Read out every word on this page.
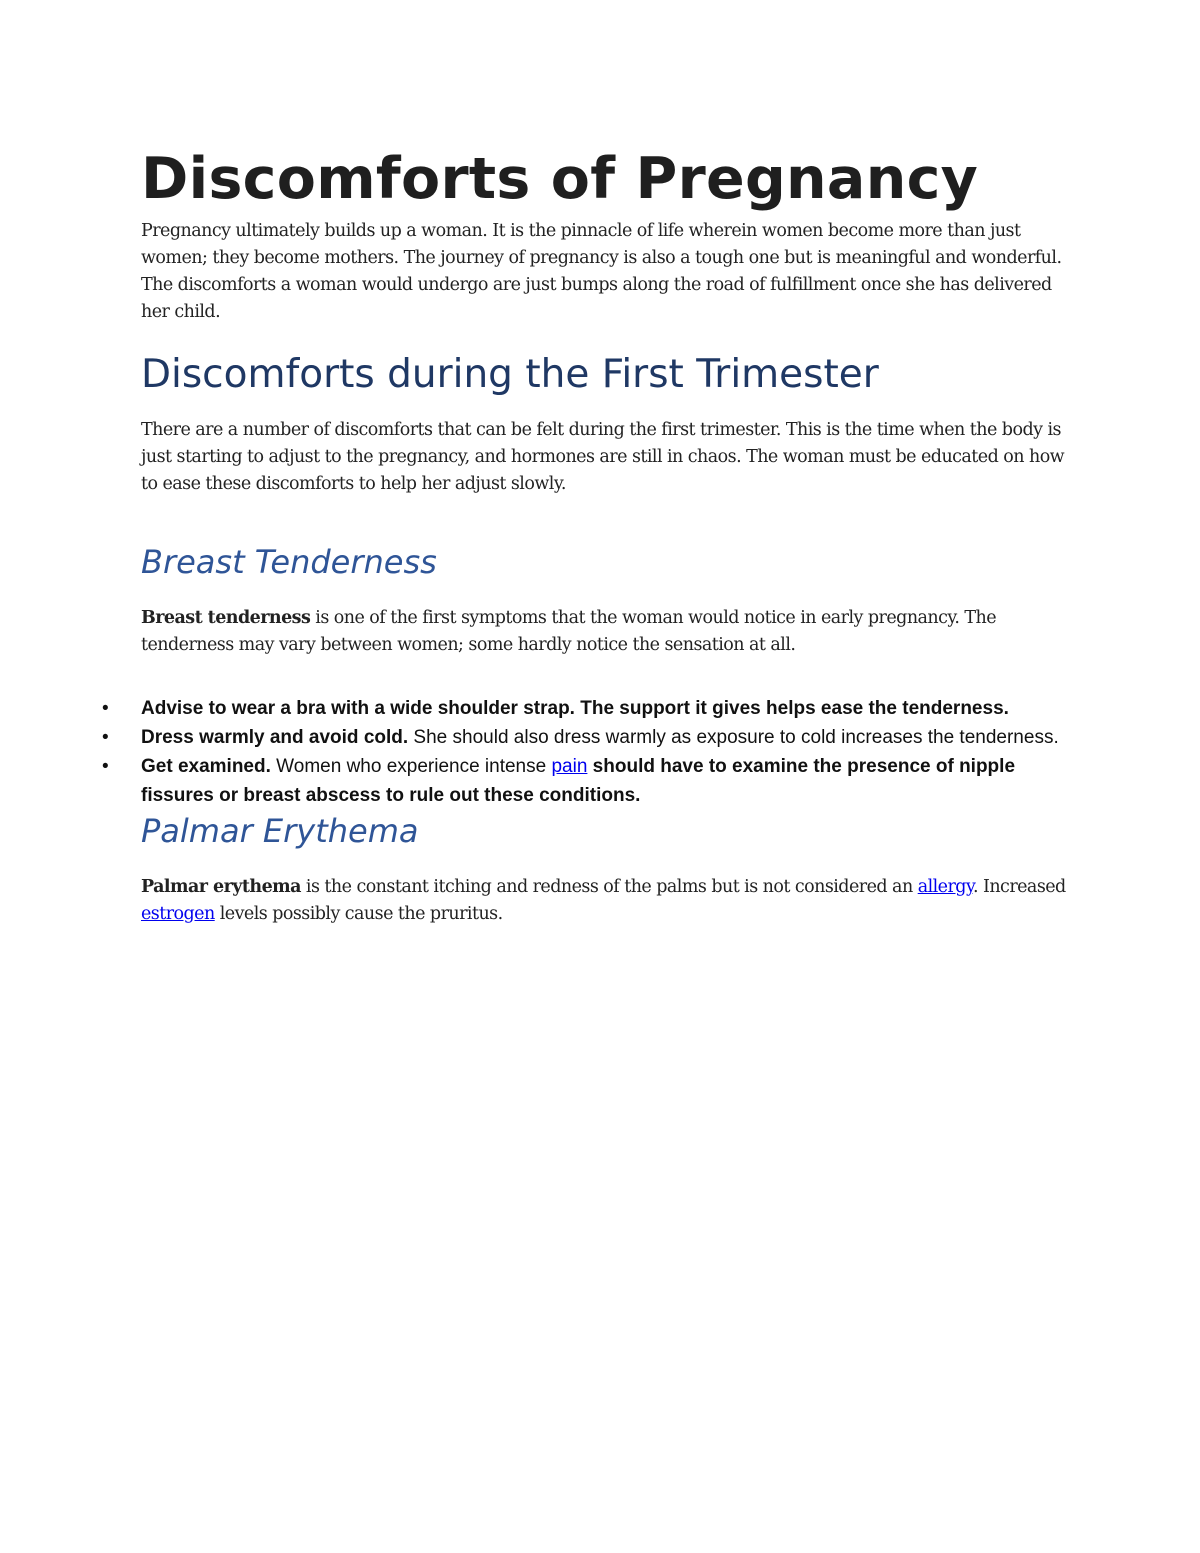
Discomforts of Pregnancy

Pregnancy ultimately builds up a woman. It is the pinnacle of life wherein women become more than just women; they become mothers. The journey of pregnancy is also a tough one but is meaningful and wonderful. The discomforts a woman would undergo are just bumps along the road of fulfillment once she has delivered her child.

Discomforts during the First Trimester

There are a number of discomforts that can be felt during the first trimester. This is the time when the body is just starting to adjust to the pregnancy, and hormones are still in chaos. The woman must be educated on how to ease these discomforts to help her adjust slowly.

Breast Tenderness

Breast tenderness is one of the first symptoms that the woman would notice in early pregnancy. The tenderness may vary between women; some hardly notice the sensation at all.

• Advise to wear a bra with a wide shoulder strap. The support it gives helps ease the tenderness.
• Dress warmly and avoid cold. She should also dress warmly as exposure to cold increases the tenderness.
• Get examined. Women who experience intense pain should have to examine the presence of nipple fissures or breast abscess to rule out these conditions.
Palmar Erythema

Palmar erythema is the constant itching and redness of the palms but is not considered an allergy. Increased estrogen levels possibly cause the pruritus.
